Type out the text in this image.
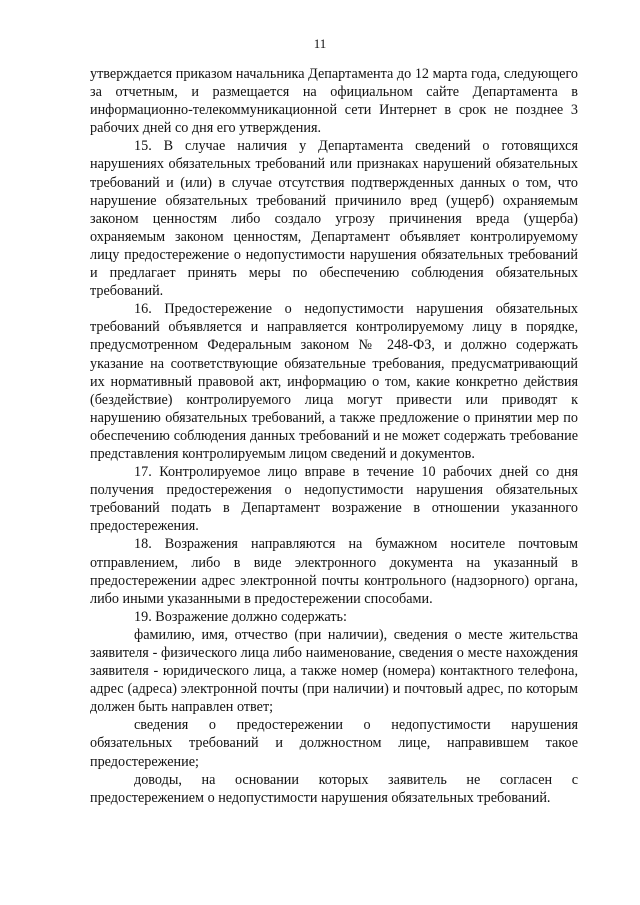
11

утверждается приказом начальника Департамента до 12 марта года, следующего за отчетным, и размещается на официальном сайте Департамента в информационно-телекоммуникационной сети Интернет в срок не позднее 3 рабочих дней со дня его утверждения.

15. В случае наличия у Департамента сведений о готовящихся нарушениях обязательных требований или признаках нарушений обязательных требований и (или) в случае отсутствия подтвержденных данных о том, что нарушение обязательных требований причинило вред (ущерб) охраняемым законом ценностям либо создало угрозу причинения вреда (ущерба) охраняемым законом ценностям, Департамент объявляет контролируемому лицу предостережение о недопустимости нарушения обязательных требований и предлагает принять меры по обеспечению соблюдения обязательных требований.

16. Предостережение о недопустимости нарушения обязательных требований объявляется и направляется контролируемому лицу в порядке, предусмотренном Федеральным законом № 248-ФЗ, и должно содержать указание на соответствующие обязательные требования, предусматривающий их нормативный правовой акт, информацию о том, какие конкретно действия (бездействие) контролируемого лица могут привести или приводят к нарушению обязательных требований, а также предложение о принятии мер по обеспечению соблюдения данных требований и не может содержать требование представления контролируемым лицом сведений и документов.

17. Контролируемое лицо вправе в течение 10 рабочих дней со дня получения предостережения о недопустимости нарушения обязательных требований подать в Департамент возражение в отношении указанного предостережения.

18. Возражения направляются на бумажном носителе почтовым отправлением, либо в виде электронного документа на указанный в предостережении адрес электронной почты контрольного (надзорного) органа, либо иными указанными в предостережении способами.

19. Возражение должно содержать:

фамилию, имя, отчество (при наличии), сведения о месте жительства заявителя - физического лица либо наименование, сведения о месте нахождения заявителя - юридического лица, а также номер (номера) контактного телефона, адрес (адреса) электронной почты (при наличии) и почтовый адрес, по которым должен быть направлен ответ;

сведения о предостережении о недопустимости нарушения обязательных требований и должностном лице, направившем такое предостережение;

доводы, на основании которых заявитель не согласен с предостережением о недопустимости нарушения обязательных требований.
